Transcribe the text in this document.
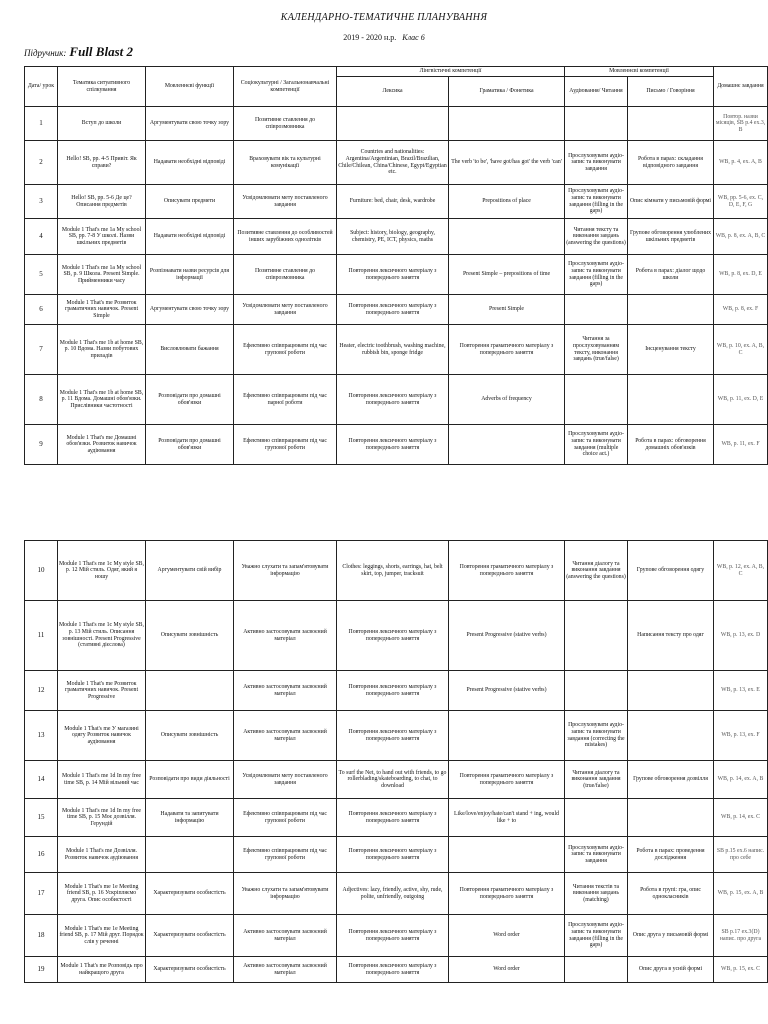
КАЛЕНДАРНО-ТЕМАТИЧНЕ ПЛАНУВАННЯ
2019 - 2020 н.р. Клас 6
Підручник: Full Blast 2
Дата/ урок	Тематика ситуативного спілкування	Мовленнєві функції	Соціокультурні / Загальнонавчальні компетенції	Лінгвістичні компетенції		Мовленнєві компетенції		Домашнє завдання
				Лексика	Граматика / Фонетика	Аудіювання/ Читання	Письмо / Говоріння	
1	Вступ до школи	Аргументувати свою точку зору	Позитивне ставлення до співрозмовника					Повтор. назви місяців, SB p.4 ex.3, B
2	Hello! SB, pp. 4-5 Привіт. Як справи?	Надавати необхідні відповіді	Враховувати вік та культурні комунікації	Countries and nationalities: Argentina/Argentinian, Brazil/Brazilian, Chile/Chilean, China/Chinese, Egypt/Egyptian etc.	The verb 'to be', 'have got/has got' the verb 'can'	Прослуховувати аудіо-запис та виконувати завдання	Робота в парах: складання відповідного завдання	WB, p. 4, ex. A, B
3	Hello! SB, pp. 5-6 Де це? Описання предметів	Описувати предмети	Усвідомлювати мету поставленого завдання	Furniture: bed, chair, desk, wardrobe	Prepositions of place	Прослуховувати аудіо-запис та виконувати завдання (filling in the gaps)	Опис кімнати у письмовій формі	WB, pp. 5-6, ex. C, D, E, F, G
4	Module 1 That's me 1a My school SB, pp. 7-8 У школі. Назви шкільних предметів	Надавати необхідні відповіді	Позитивне ставлення до особливостей інших зарубіжних однолітків	Subject: history, biology, geography, chemistry, PE, ICT, physics, maths		Читання тексту та виконання завдань (answering the questions)	Групове обговорення улюблених шкільних предметів	WB, p. 8, ex. A, B, C
5	Module 1 That's me 1a My school SB, p. 9 Школа. Present Simple. Прийменники часу	Розпізнавати назви ресурсів для інформації	Позитивне ставлення до співрозмовника	Повторення лексичного матеріалу з попереднього заняття	Present Simple – prepositions of time	Прослуховувати аудіо-запис та виконувати завдання (filling in the gaps)	Робота в парах: діалог щодо школи	WB, p. 8, ex. D, E
6	Module 1 That's me Розвиток граматичних навичок. Present Simple	Аргументувати свою точку зору	Усвідомлювати мету поставленого завдання	Повторення лексичного матеріалу з попереднього заняття	Present Simple			WB, p. 8, ex. F
7	Module 1 That's me 1b at home SB, p. 10 Вдома. Назви побутових приладів	Висловлювати бажання	Ефективно співпрацювати під час групової роботи	Heater, electric toothbrush, washing machine, rubbish bin, sponge fridge	Повторення граматичного матеріалу з попереднього заняття	Читання за прослуховуванням тексту, виконання завдань (true/false)	Інсценування тексту	WB, p. 10, ex. A, B, C
8	Module 1 That's me 1b at home SB, p. 11 Вдома. Домашні обов'язки. Прислівники частотності	Розповідати про домашні обов'язки	Ефективно співпрацювати під час парної роботи	Повторення лексичного матеріалу з попереднього заняття	Adverbs of frequency			WB, p. 11, ex. D, E
9	Module 1 That's me Домашні обов'язки. Розвиток навичок аудіювання	Розповідати про домашні обов'язки	Ефективно співпрацювати під час групової роботи	Повторення лексичного матеріалу з попереднього заняття		Прослуховувати аудіо-запис та виконувати завдання (multiple choice act.)	Робота в парах: обговорення домашніх обов'язків	WB, p. 11, ex. F
10	Module 1 That's me 1c My style SB, p. 12 Мій стиль. Одяг, який я ношу	Аргументувати свій вибір	Уважно слухати та запам'ятовувати інформацію	Clothes: leggings, shorts, earrings, hat, belt skirt, top, jumper, tracksuit	Повторення граматичного матеріалу з попереднього заняття	Читання діалогу та виконання завдання (answering the questions)	Групове обговорення одягу	WB, p. 12, ex. A, B, C
11	Module 1 That's me 1c My style SB, p. 13 Мій стиль. Описання зовнішності. Present Progressive (стативні дієслова)	Описувати зовнішність	Активно застосовувати засвоєний матеріал	Повторення лексичного матеріалу з попереднього заняття	Present Progressive (stative verbs)		Написання тексту про одяг	WB, p. 13, ex. D
12	Module 1 That's me Розвиток граматичних навичок. Present Progressive		Активно застосовувати засвоєний матеріал	Повторення лексичного матеріалу з попереднього заняття	Present Progressive (stative verbs)			WB, p. 13, ex. E
13	Module 1 That's me У магазині одягу Розвиток навичок аудіювання	Описувати зовнішність	Активно застосовувати засвоєний матеріал	Повторення лексичного матеріалу з попереднього заняття		Прослуховувати аудіо-запис та виконувати завдання (correcting the mistakes)		WB, p. 13, ex. F
14	Module 1 That's me 1d In my free time SB, p. 14 Мій вільний час	Розповідати про види діяльності	Усвідомлювати мету поставленого завдання	To surf the Net, to hand out with friends, to go rollerblading/skateboarding, to chat, to download	Повторення граматичного матеріалу з попереднього заняття	Читання діалогу та виконання завдання (true/false)	Групове обговорення дозвілля	WB, p. 14, ex. A, B
15	Module 1 That's me 1d In my free time SB, p. 15 Моє дозвілля. Герундій	Надавати та запитувати інформацію	Ефективно співпрацювати під час групової роботи	Повторення лексичного матеріалу з попереднього заняття	Like/love/enjoy/hate/can't stand + ing, would like + to			WB, p. 14, ex. C
16	Module 1 That's me Дозвілля. Розвиток навичок аудіювання		Ефективно співпрацювати під час групової роботи	Повторення лексичного матеріалу з попереднього заняття		Прослуховувати аудіо-запис та виконувати завдання	Робота в парах: проведення дослідження	SB p.15 ex.6 напис. про себе
17	Module 1 That's me 1e Meeting friend SB, p. 16 Ускріпляємо друга. Опис особистості	Характеризувати особистість	Уважно слухати та запам'ятовувати інформацію	Adjectives: lazy, friendly, active, shy, rude, polite, unfriendly, outgoing	Повторення граматичного матеріалу з попереднього заняття	Читання текстів та виконання завдань (matching)	Робота в групі: гра, опис однокласників	WB, p. 15, ex. A, B
18	Module 1 That's me 1e Meeting friend SB, p. 17 Мій друг. Порядок слів у реченні	Характеризувати особистість	Активно застосовувати засвоєний матеріал	Повторення лексичного матеріалу з попереднього заняття	Word order	Прослуховувати аудіо-запис та виконувати завдання (filling in the gaps)	Опис друга у письмовій формі	SB p.17 ex.3(D) напис. про друга
19	Module 1 That's me Розповідь про найкращого друга	Характеризувати особистість	Активно застосовувати засвоєний матеріал	Повторення лексичного матеріалу з попереднього заняття	Word order		Опис друга в усній формі	WB, p. 15, ex. C
